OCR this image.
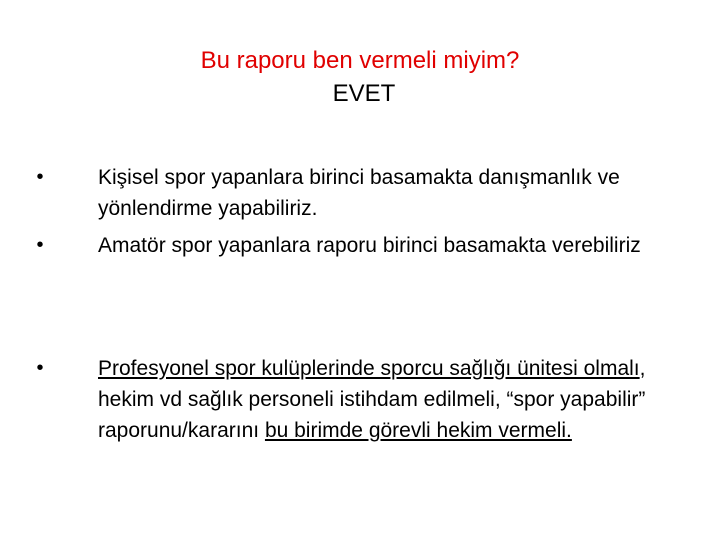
Bu raporu ben vermeli miyim?
EVET
•	Kişisel spor yapanlara birinci basamakta danışmanlık ve yönlendirme yapabiliriz.
•	Amatör spor yapanlara raporu birinci basamakta verebiliriz
•	Profesyonel spor kulüplerinde sporcu sağlığı ünitesi olmalı, hekim vd sağlık personeli istihdam edilmeli, “spor yapabilir” raporunu/kararını bu birimde görevli hekim vermeli.
